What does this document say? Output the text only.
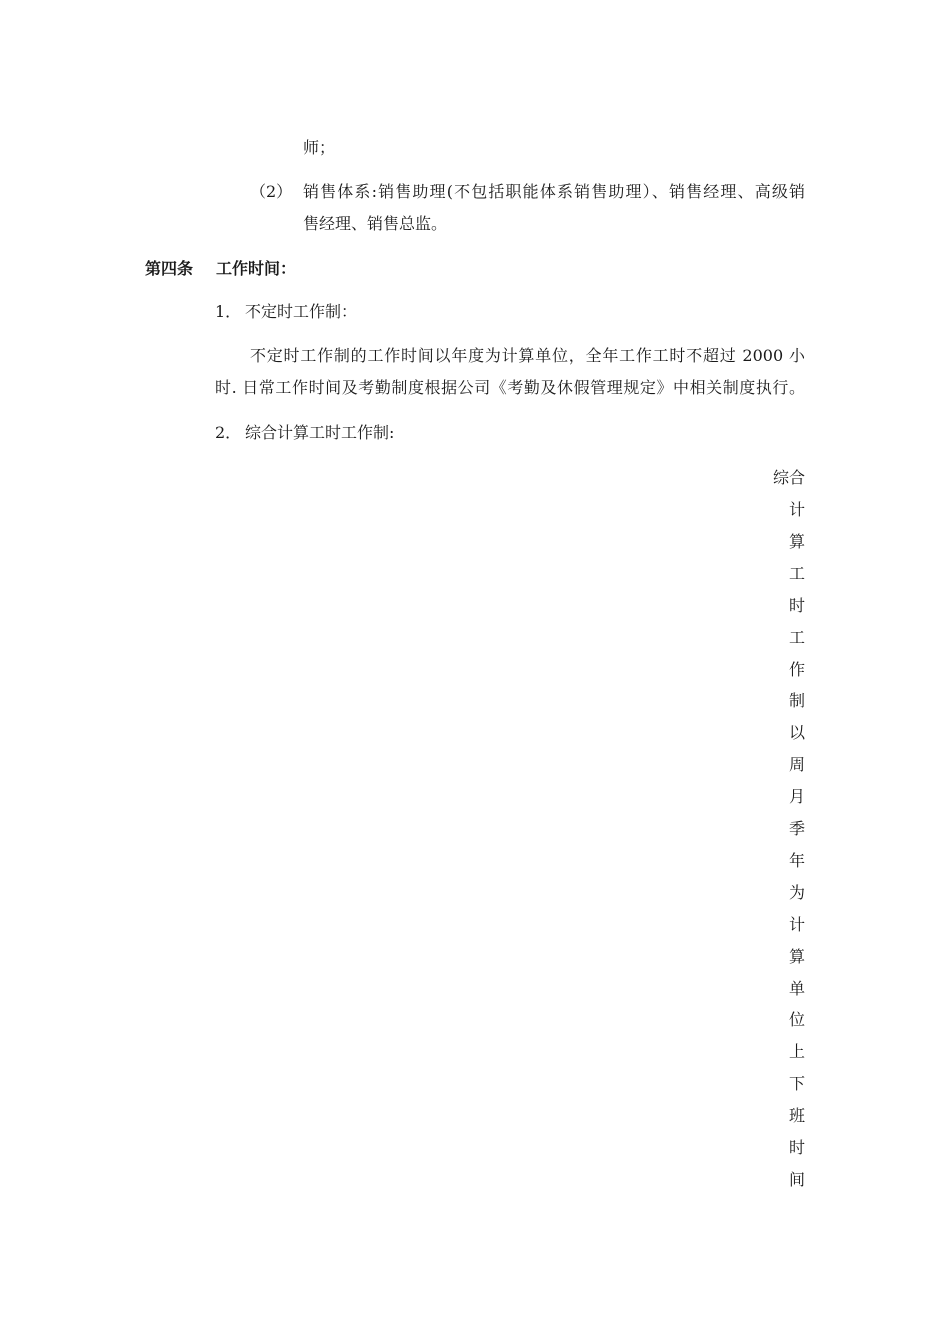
师；
（2） 销售体系:销售助理(不包括职能体系销售助理）、销售经理、高级销
售经理、销售总监。
第四条 工作时间：
1． 不定时工作制：
不定时工作制的工作时间以年度为计算单位，全年工作工时不超过 2000 小
时. 日常工作时间及考勤制度根据公司《考勤及休假管理规定》中相关制度执行。
2． 综合计算工时工作制:
综合
计
算
工
时
工
作
制
以
周
月
季
年
为
计
算
单
位
上
下
班
时
间
